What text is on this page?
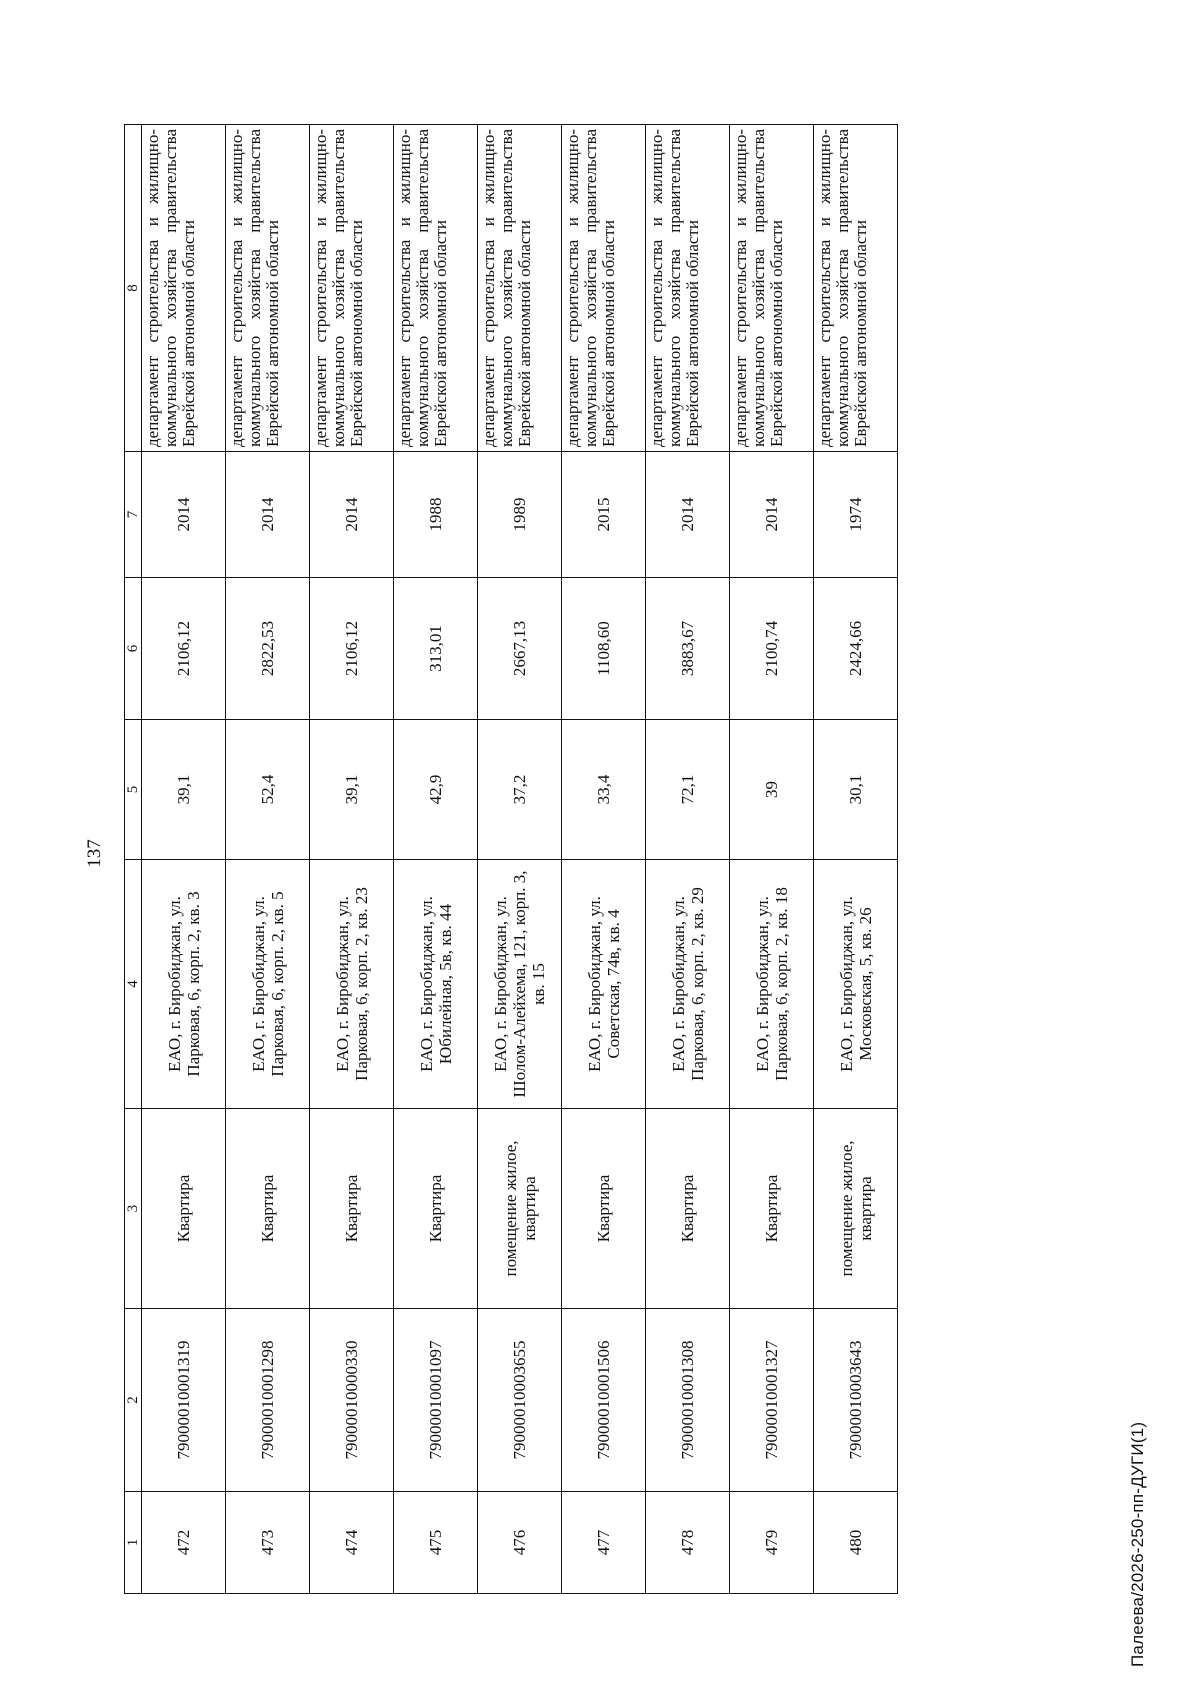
137
1	2	3	4	5	6	7	8
472	79000010001319	Квартира	ЕАО, г. Биробиджан, ул. Парковая, 6, корп. 2, кв. 3	39,1	2106,12	2014	департамент строительства и жилищно-коммунального хозяйства правительства Еврейской автономной области
473	79000010001298	Квартира	ЕАО, г. Биробиджан, ул. Парковая, 6, корп. 2, кв. 5	52,4	2822,53	2014	департамент строительства и жилищно-коммунального хозяйства правительства Еврейской автономной области
474	79000010000330	Квартира	ЕАО, г. Биробиджан, ул. Парковая, 6, корп. 2, кв. 23	39,1	2106,12	2014	департамент строительства и жилищно-коммунального хозяйства правительства Еврейской автономной области
475	79000010001097	Квартира	ЕАО, г. Биробиджан, ул. Юбилейная, 5в, кв. 44	42,9	313,01	1988	департамент строительства и жилищно-коммунального хозяйства правительства Еврейской автономной области
476	79000010003655	помещение жилое, квартира	ЕАО, г. Биробиджан, ул. Шолом-Алейхема, 121, корп. 3, кв. 15	37,2	2667,13	1989	департамент строительства и жилищно-коммунального хозяйства правительства Еврейской автономной области
477	79000010001506	Квартира	ЕАО, г. Биробиджан, ул. Советская, 74в, кв. 4	33,4	1108,60	2015	департамент строительства и жилищно-коммунального хозяйства правительства Еврейской автономной области
478	79000010001308	Квартира	ЕАО, г. Биробиджан, ул. Парковая, 6, корп. 2, кв. 29	72,1	3883,67	2014	департамент строительства и жилищно-коммунального хозяйства правительства Еврейской автономной области
479	79000010001327	Квартира	ЕАО, г. Биробиджан, ул. Парковая, 6, корп. 2, кв. 18	39	2100,74	2014	департамент строительства и жилищно-коммунального хозяйства правительства Еврейской автономной области
480	79000010003643	помещение жилое, квартира	ЕАО, г. Биробиджан, ул. Московская, 5, кв. 26	30,1	2424,66	1974	департамент строительства и жилищно-коммунального хозяйства правительства Еврейской автономной области
Палеева/2026-250-пп-ДУГИ(1)
